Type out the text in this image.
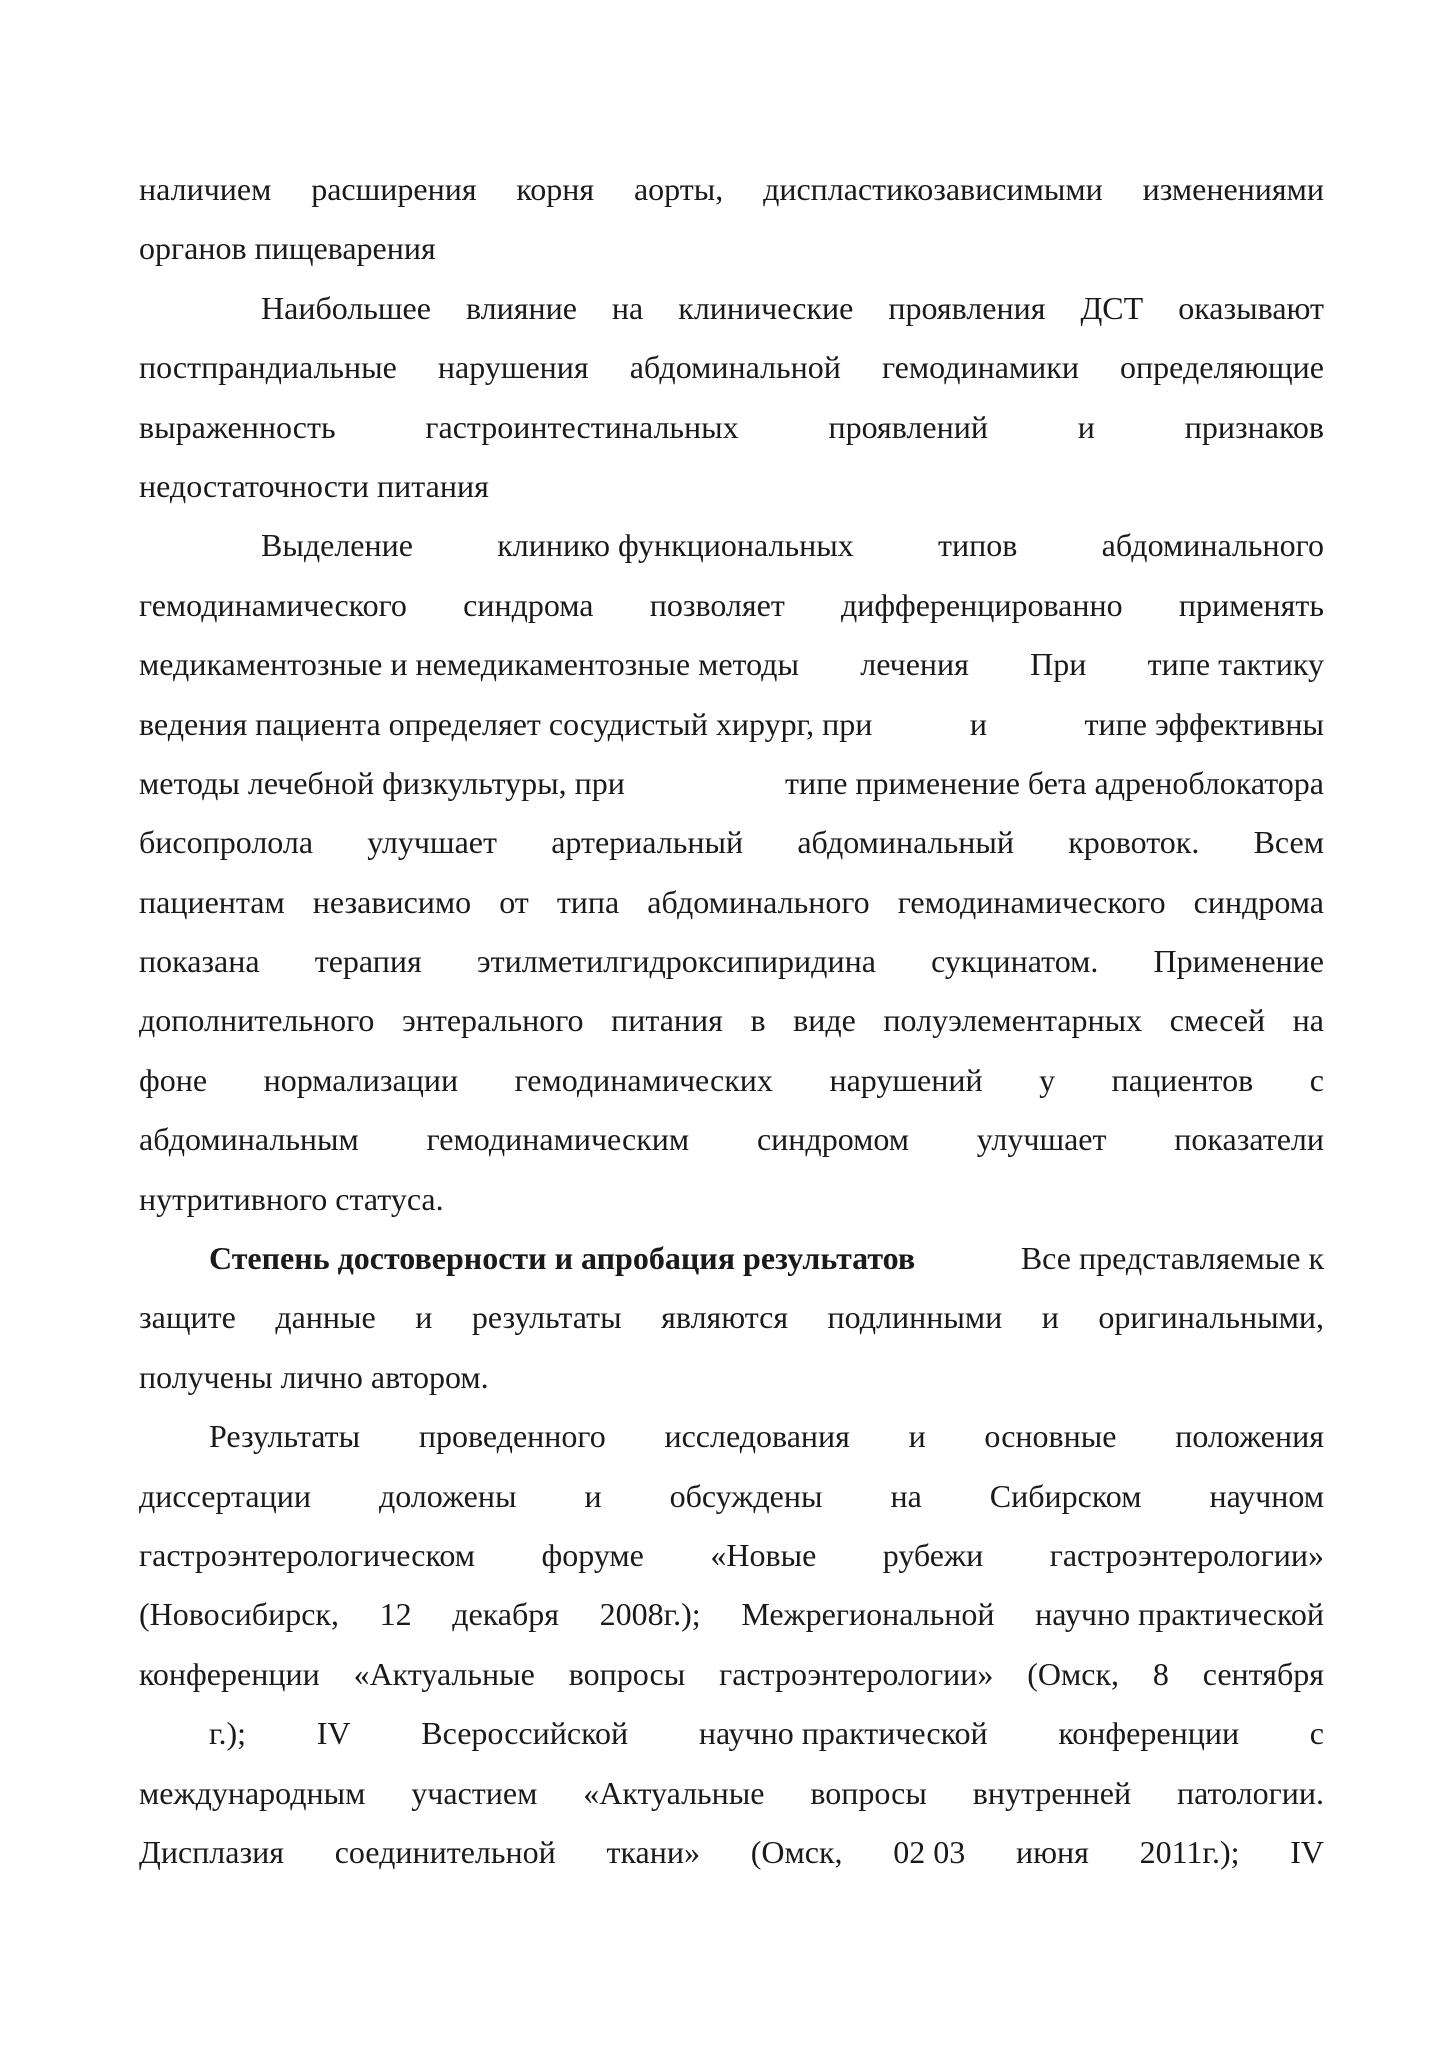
наличием расширения корня аорты, диспластикозависимыми изменениями
органов пищеварения
Наибольшее влияние на клинические проявления ДСТ оказывают
постпрандиальные нарушения абдоминальной гемодинамики определяющие
выраженность	гастроинтестинальных	проявлений	и	признаков
недостаточности питания
Выделение	клинико функциональных	типов	абдоминального
гемодинамического синдрома позволяет дифференцированно применять
медикаментозные и немедикаментозные методы лечения При типе тактику
ведения пациента определяет сосудистый хирург, при	и	типе эффективны
методы лечебной физкультуры, при	типе применение бета адреноблокатора
бисопролола улучшает артериальный абдоминальный кровоток. Всем
пациентам независимо от типа абдоминального гемодинамического синдрома
показана терапия этилметилгидроксипиридина сукцинатом. Применение
дополнительного энтерального питания в виде полуэлементарных смесей на
фоне нормализации гемодинамических нарушений у пациентов с
абдоминальным гемодинамическим синдромом улучшает показатели
нутритивного статуса.
Степень достоверности и апробация результатов	Все представляемые к
защите данные и результаты являются подлинными и оригинальными,
получены лично автором.
Результаты проведенного исследования и основные положения
диссертации доложены и обсуждены на Сибирском научном
гастроэнтерологическом форуме «Новые рубежи гастроэнтерологии»
(Новосибирск, 12 декабря 2008г.); Межрегиональной научно практической
конференции «Актуальные вопросы гастроэнтерологии» (Омск, 8 сентября
г.); IV Всероссийской научно практической конференции с
международным участием «Актуальные вопросы внутренней патологии.
Дисплазия соединительной ткани» (Омск, 02 03 июня 2011г.); IV
